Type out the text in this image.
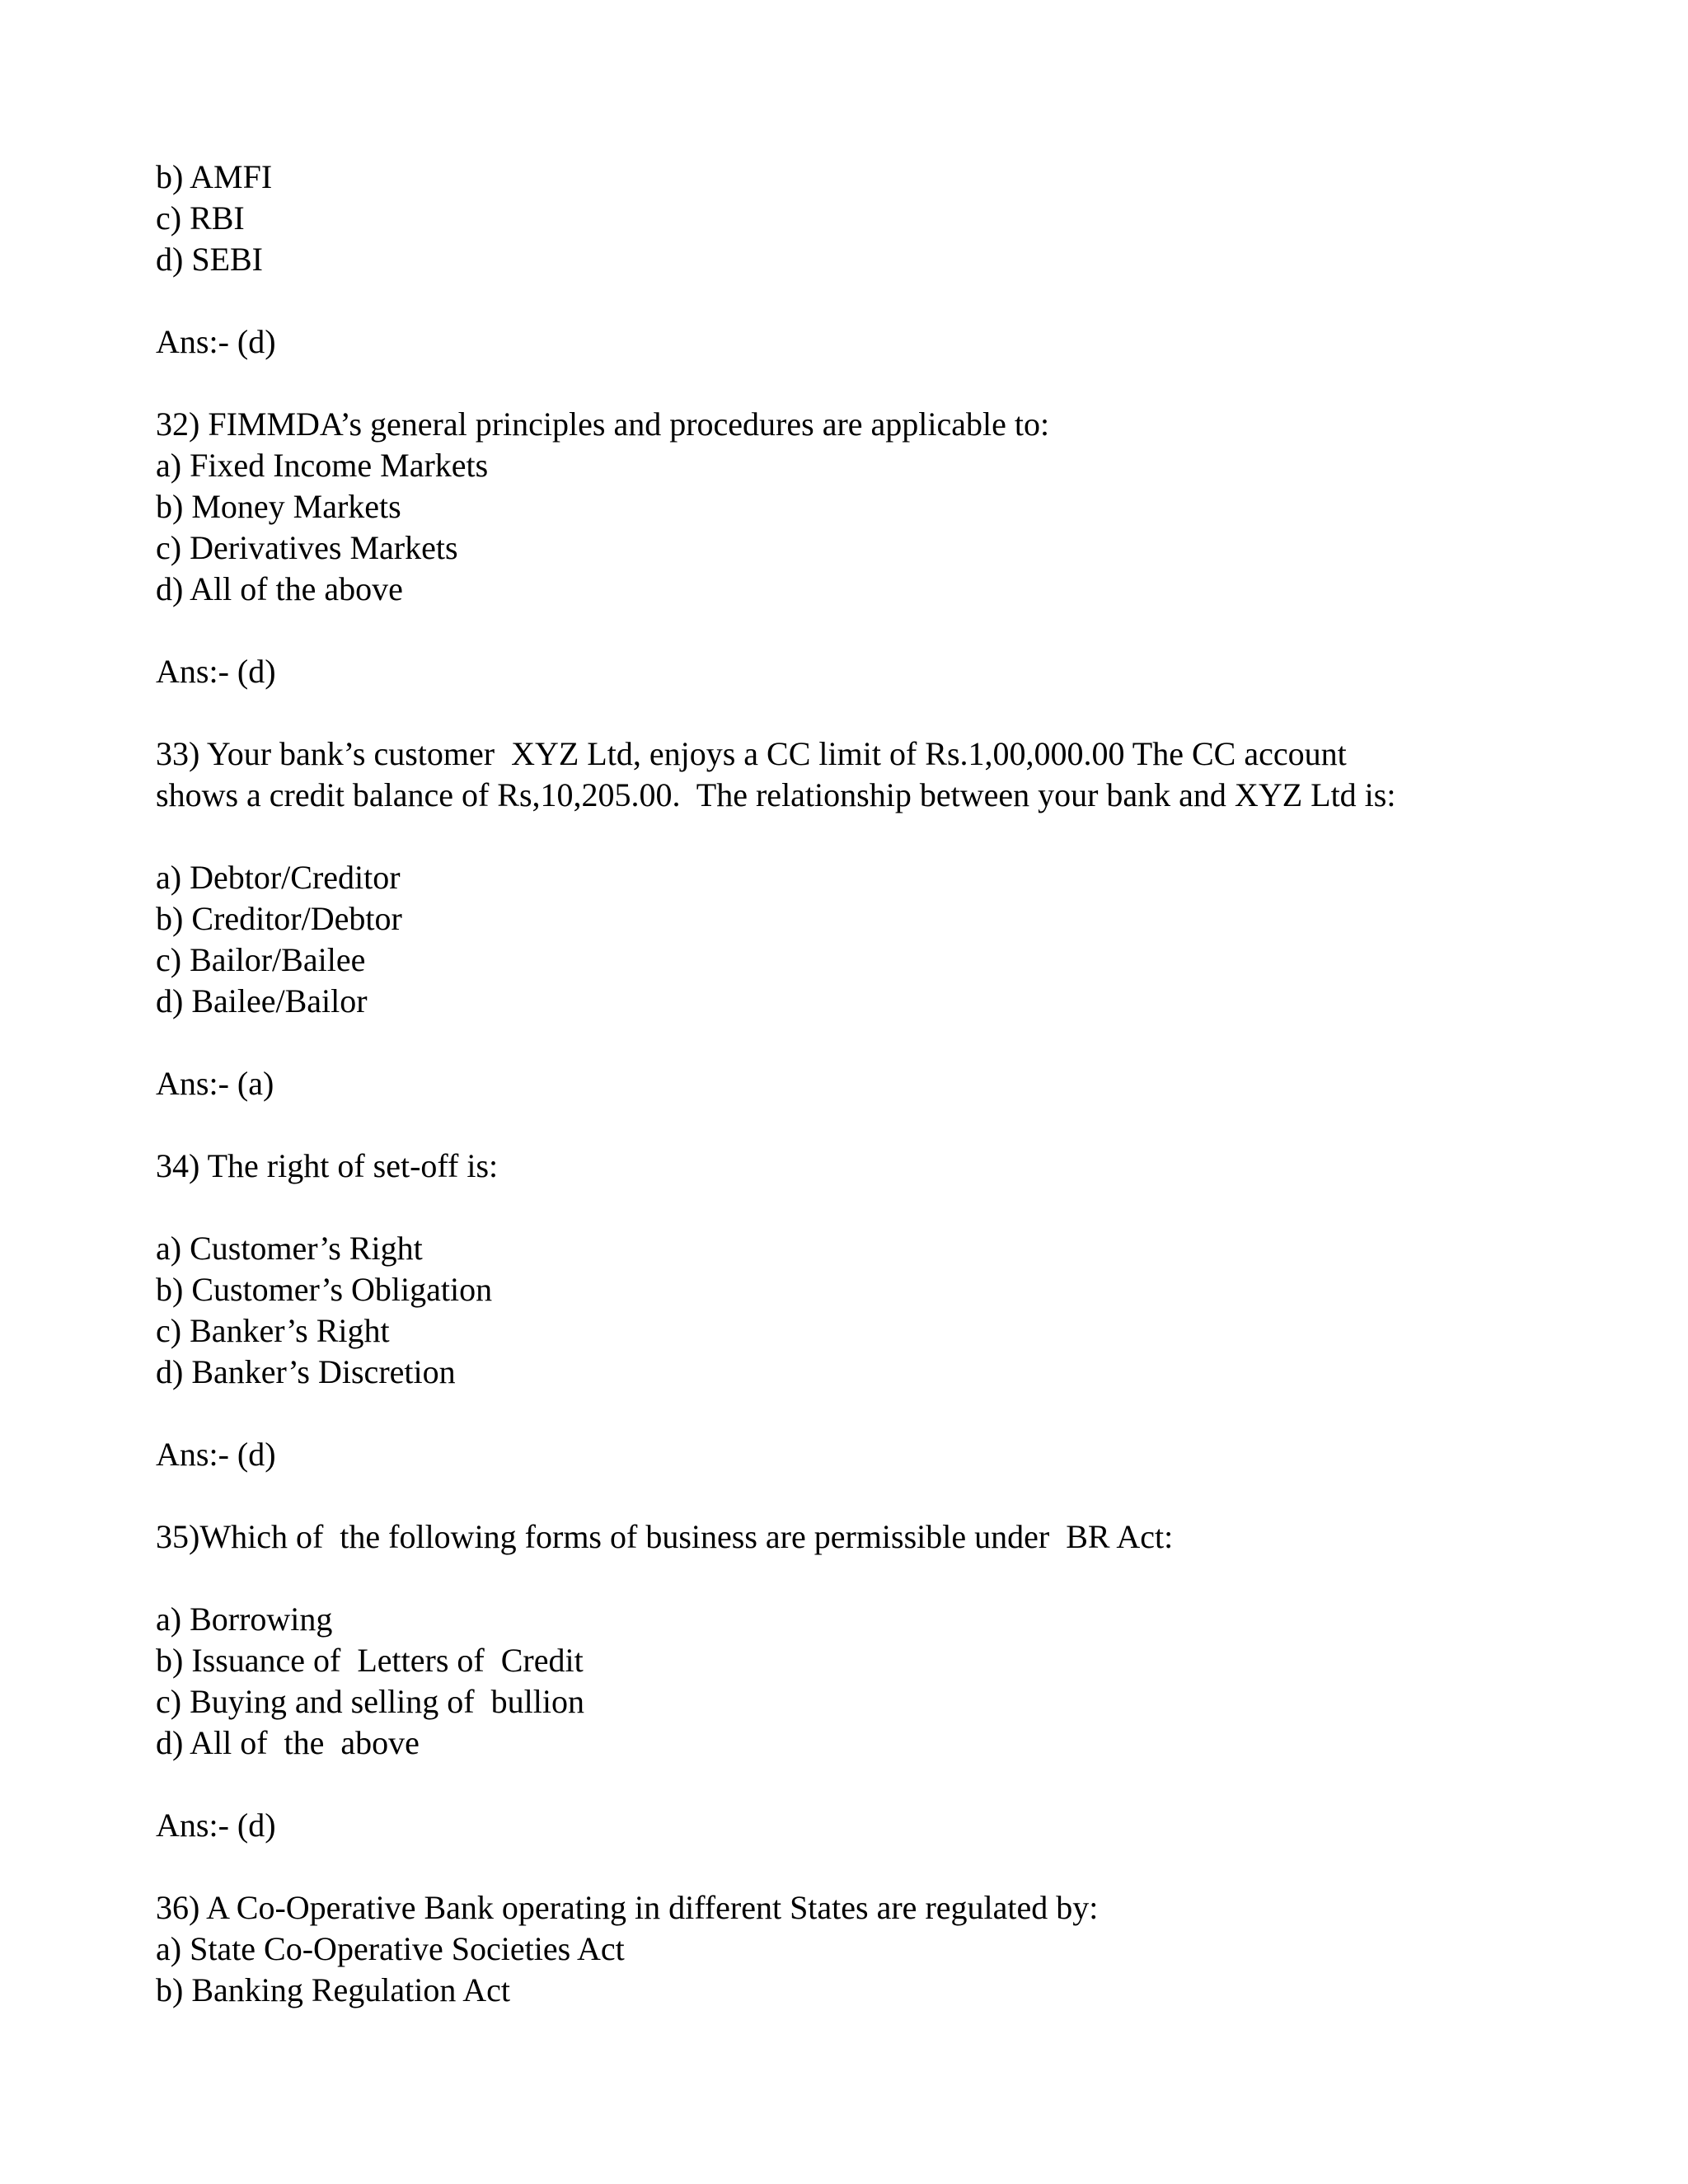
b) AMFI
c) RBI
d) SEBI
Ans:- (d)
32) FIMMDA’s general principles and procedures are applicable to:
a) Fixed Income Markets
b) Money Markets
c) Derivatives Markets
d) All of the above
Ans:- (d)
33) Your bank’s customer  XYZ Ltd, enjoys a CC limit of Rs.1,00,000.00 The CC account
shows a credit balance of Rs,10,205.00.  The relationship between your bank and XYZ Ltd is:
a) Debtor/Creditor
b) Creditor/Debtor
c) Bailor/Bailee
d) Bailee/Bailor
Ans:- (a)
34) The right of set-off is:
a) Customer’s Right
b) Customer’s Obligation
c) Banker’s Right
d) Banker’s Discretion
Ans:- (d)
35)Which of  the following forms of business are permissible under  BR Act:
a) Borrowing
b) Issuance of  Letters of  Credit
c) Buying and selling of  bullion
d) All of  the  above
Ans:- (d)
36) A Co-Operative Bank operating in different States are regulated by:
a) State Co-Operative Societies Act
b) Banking Regulation Act
